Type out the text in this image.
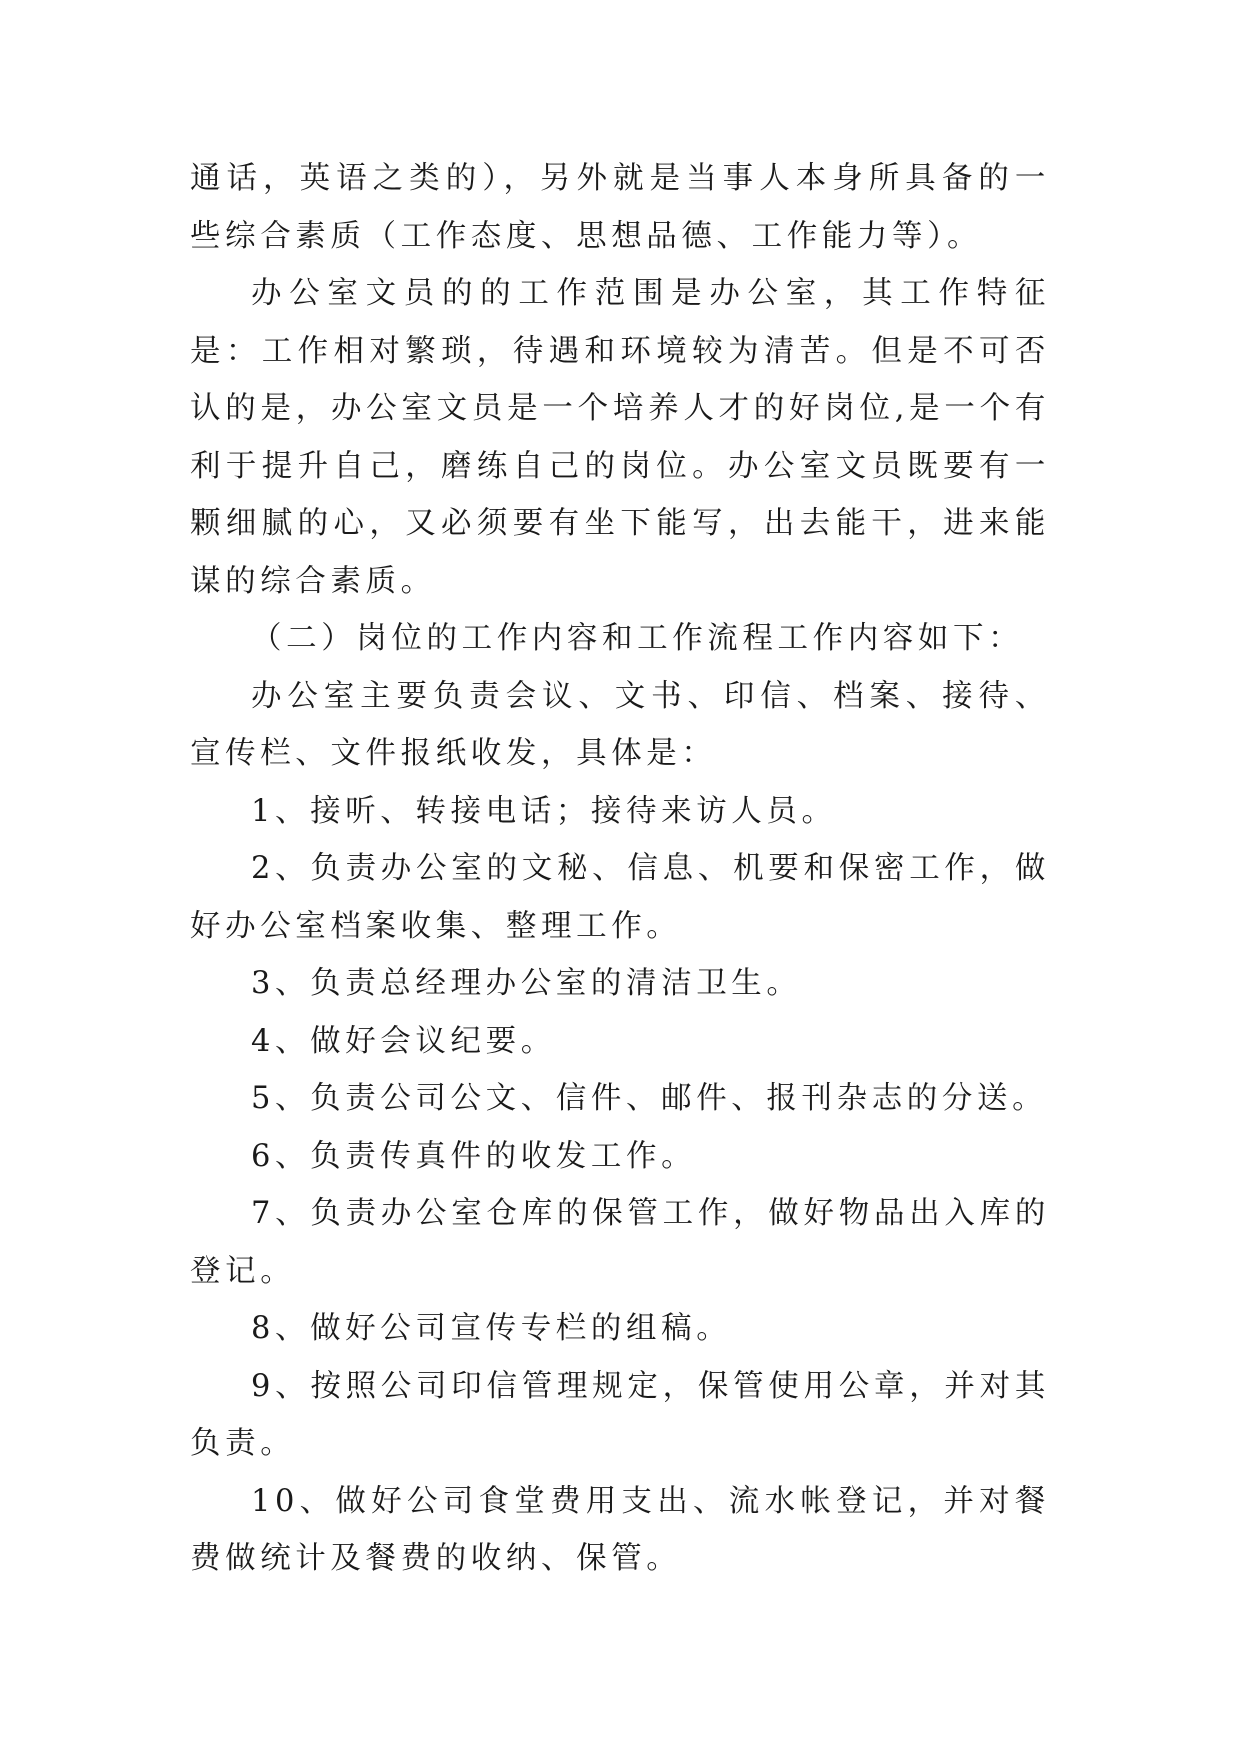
通话，英语之类的），另外就是当事人本身所具备的一些综合素质（工作态度、思想品德、工作能力等）。

办公室文员的的工作范围是办公室，其工作特征是：工作相对繁琐，待遇和环境较为清苦。但是不可否认的是，办公室文员是一个培养人才的好岗位,是一个有利于提升自己，磨练自己的岗位。办公室文员既要有一颗细腻的心，又必须要有坐下能写，出去能干，进来能谋的综合素质。

（二）岗位的工作内容和工作流程工作内容如下：

办公室主要负责会议、文书、印信、档案、接待、宣传栏、文件报纸收发，具体是：

1、接听、转接电话；接待来访人员。

2、负责办公室的文秘、信息、机要和保密工作，做好办公室档案收集、整理工作。

3、负责总经理办公室的清洁卫生。

4、做好会议纪要。

5、负责公司公文、信件、邮件、报刊杂志的分送。

6、负责传真件的收发工作。

7、负责办公室仓库的保管工作，做好物品出入库的登记。

8、做好公司宣传专栏的组稿。

9、按照公司印信管理规定，保管使用公章，并对其负责。

10、做好公司食堂费用支出、流水帐登记，并对餐费做统计及餐费的收纳、保管。
